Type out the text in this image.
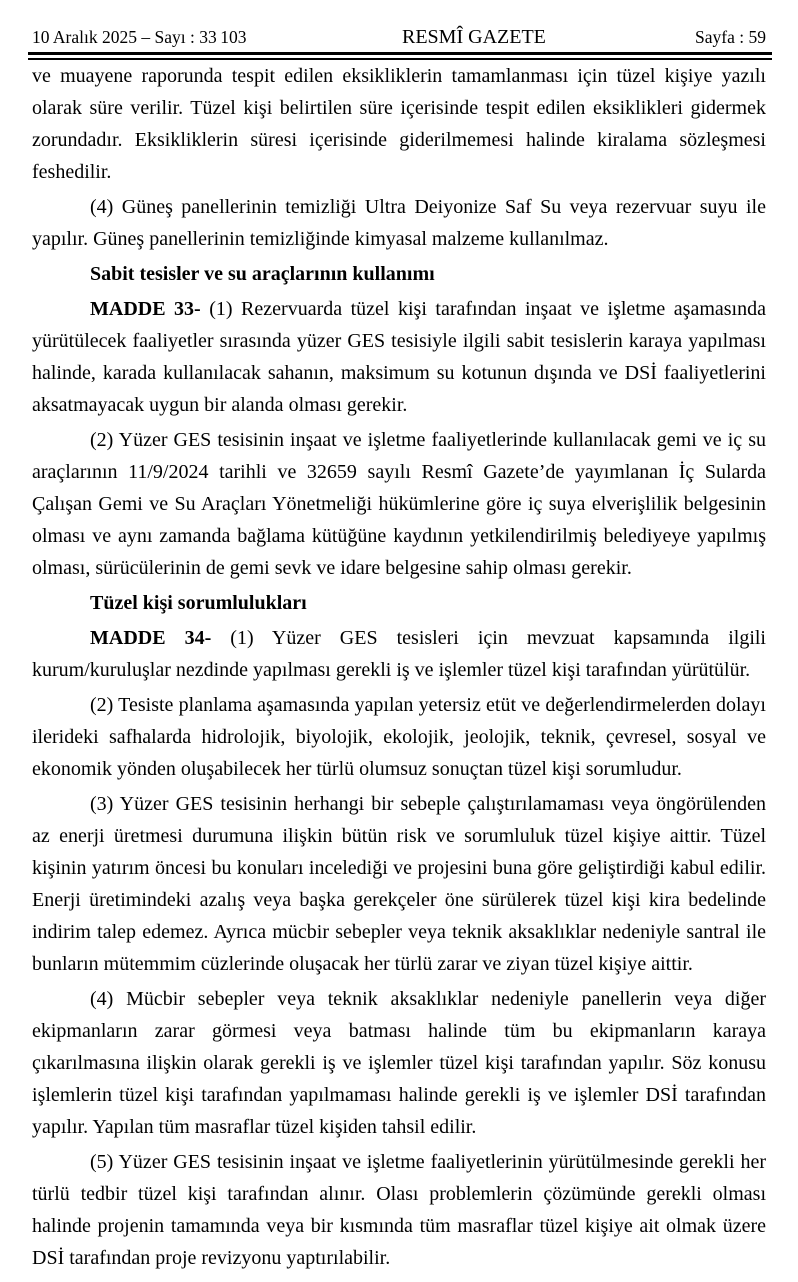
10 Aralık 2025 – Sayı : 33 103	RESMÎ GAZETE	Sayfa : 59

ve muayene raporunda tespit edilen eksikliklerin tamamlanması için tüzel kişiye yazılı olarak süre verilir. Tüzel kişi belirtilen süre içerisinde tespit edilen eksiklikleri gidermek zorundadır. Eksikliklerin süresi içerisinde giderilmemesi halinde kiralama sözleşmesi feshedilir.

(4) Güneş panellerinin temizliği Ultra Deiyonize Saf Su veya rezervuar suyu ile yapılır. Güneş panellerinin temizliğinde kimyasal malzeme kullanılmaz.

Sabit tesisler ve su araçlarının kullanımı

MADDE 33- (1) Rezervuarda tüzel kişi tarafından inşaat ve işletme aşamasında yürütülecek faaliyetler sırasında yüzer GES tesisiyle ilgili sabit tesislerin karaya yapılması halinde, karada kullanılacak sahanın, maksimum su kotunun dışında ve DSİ faaliyetlerini aksatmayacak uygun bir alanda olması gerekir.

(2) Yüzer GES tesisinin inşaat ve işletme faaliyetlerinde kullanılacak gemi ve iç su araçlarının 11/9/2024 tarihli ve 32659 sayılı Resmî Gazete’de yayımlanan İç Sularda Çalışan Gemi ve Su Araçları Yönetmeliği hükümlerine göre iç suya elverişlilik belgesinin olması ve aynı zamanda bağlama kütüğüne kaydının yetkilendirilmiş belediyeye yapılmış olması, sürücülerinin de gemi sevk ve idare belgesine sahip olması gerekir.

Tüzel kişi sorumlulukları

MADDE 34- (1) Yüzer GES tesisleri için mevzuat kapsamında ilgili kurum/kuruluşlar nezdinde yapılması gerekli iş ve işlemler tüzel kişi tarafından yürütülür.

(2) Tesiste planlama aşamasında yapılan yetersiz etüt ve değerlendirmelerden dolayı ilerideki safhalarda hidrolojik, biyolojik, ekolojik, jeolojik, teknik, çevresel, sosyal ve ekonomik yönden oluşabilecek her türlü olumsuz sonuçtan tüzel kişi sorumludur.

(3) Yüzer GES tesisinin herhangi bir sebeple çalıştırılamaması veya öngörülenden az enerji üretmesi durumuna ilişkin bütün risk ve sorumluluk tüzel kişiye aittir. Tüzel kişinin yatırım öncesi bu konuları incelediği ve projesini buna göre geliştirdiği kabul edilir. Enerji üretimindeki azalış veya başka gerekçeler öne sürülerek tüzel kişi kira bedelinde indirim talep edemez. Ayrıca mücbir sebepler veya teknik aksaklıklar nedeniyle santral ile bunların mütemmim cüzlerinde oluşacak her türlü zarar ve ziyan tüzel kişiye aittir.

(4) Mücbir sebepler veya teknik aksaklıklar nedeniyle panellerin veya diğer ekipmanların zarar görmesi veya batması halinde tüm bu ekipmanların karaya çıkarılmasına ilişkin olarak gerekli iş ve işlemler tüzel kişi tarafından yapılır. Söz konusu işlemlerin tüzel kişi tarafından yapılmaması halinde gerekli iş ve işlemler DSİ tarafından yapılır. Yapılan tüm masraflar tüzel kişiden tahsil edilir.

(5) Yüzer GES tesisinin inşaat ve işletme faaliyetlerinin yürütülmesinde gerekli her türlü tedbir tüzel kişi tarafından alınır. Olası problemlerin çözümünde gerekli olması halinde projenin tamamında veya bir kısmında tüm masraflar tüzel kişiye ait olmak üzere DSİ tarafından proje revizyonu yaptırılabilir.
